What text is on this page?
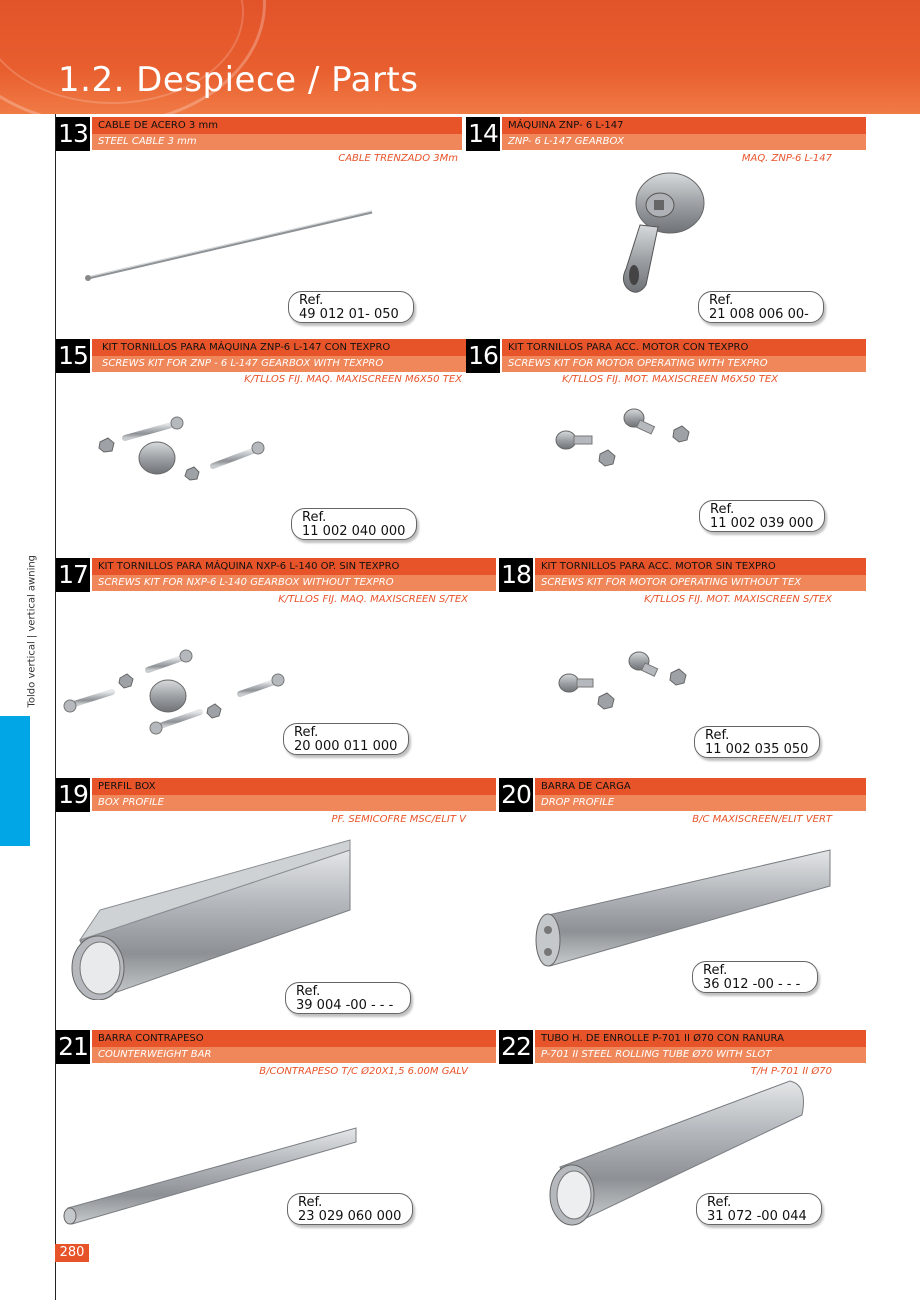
1.2. Despiece / Parts
Toldo vertical | vertical awning
13	CABLE DE ACERO 3 mm
STEEL CABLE 3 mm
CABLE TRENZADO 3Mm
Ref.
49 012 01- 050
14	MÁQUINA ZNP- 6 L-147
ZNP- 6 L-147 GEARBOX
MAQ. ZNP-6 L-147
Ref.
21 008 006 00-
15	KIT TORNILLOS PARA MÁQUINA ZNP-6 L-147 CON TEXPRO
SCREWS KIT FOR ZNP - 6 L-147 GEARBOX WITH TEXPRO
K/TLLOS FIJ. MAQ. MAXISCREEN M6X50 TEX
Ref.
11 002 040 000
16	KIT TORNILLOS PARA ACC. MOTOR CON TEXPRO
SCREWS KIT FOR MOTOR OPERATING WITH TEXPRO
K/TLLOS FIJ. MOT. MAXISCREEN M6X50 TEX
Ref.
11 002 039 000
17	KIT TORNILLOS PARA MÁQUINA NXP-6 L-140 OP. SIN TEXPRO
SCREWS KIT FOR NXP-6 L-140 GEARBOX WITHOUT TEXPRO
K/TLLOS FIJ. MAQ. MAXISCREEN S/TEX
Ref.
20 000 011 000
18	KIT TORNILLOS PARA ACC. MOTOR SIN TEXPRO
SCREWS KIT FOR MOTOR OPERATING WITHOUT TEX
K/TLLOS FIJ. MOT. MAXISCREEN S/TEX
Ref.
11 002 035 050
19	PERFIL BOX
BOX PROFILE
PF. SEMICOFRE MSC/ELIT V
Ref.
39 004 -00 - - -
20	BARRA DE CARGA
DROP PROFILE
B/C MAXISCREEN/ELIT VERT
Ref.
36 012 -00 - - -
21	BARRA CONTRAPESO
COUNTERWEIGHT BAR
B/CONTRAPESO T/C Ø20X1,5 6.00M GALV
Ref.
23 029 060 000
22	TUBO H. DE ENROLLE P-701 II Ø70 CON RANURA
P-701 II STEEL ROLLING TUBE Ø70 WITH SLOT
T/H P-701 II Ø70
Ref.
31 072 -00 044
280
